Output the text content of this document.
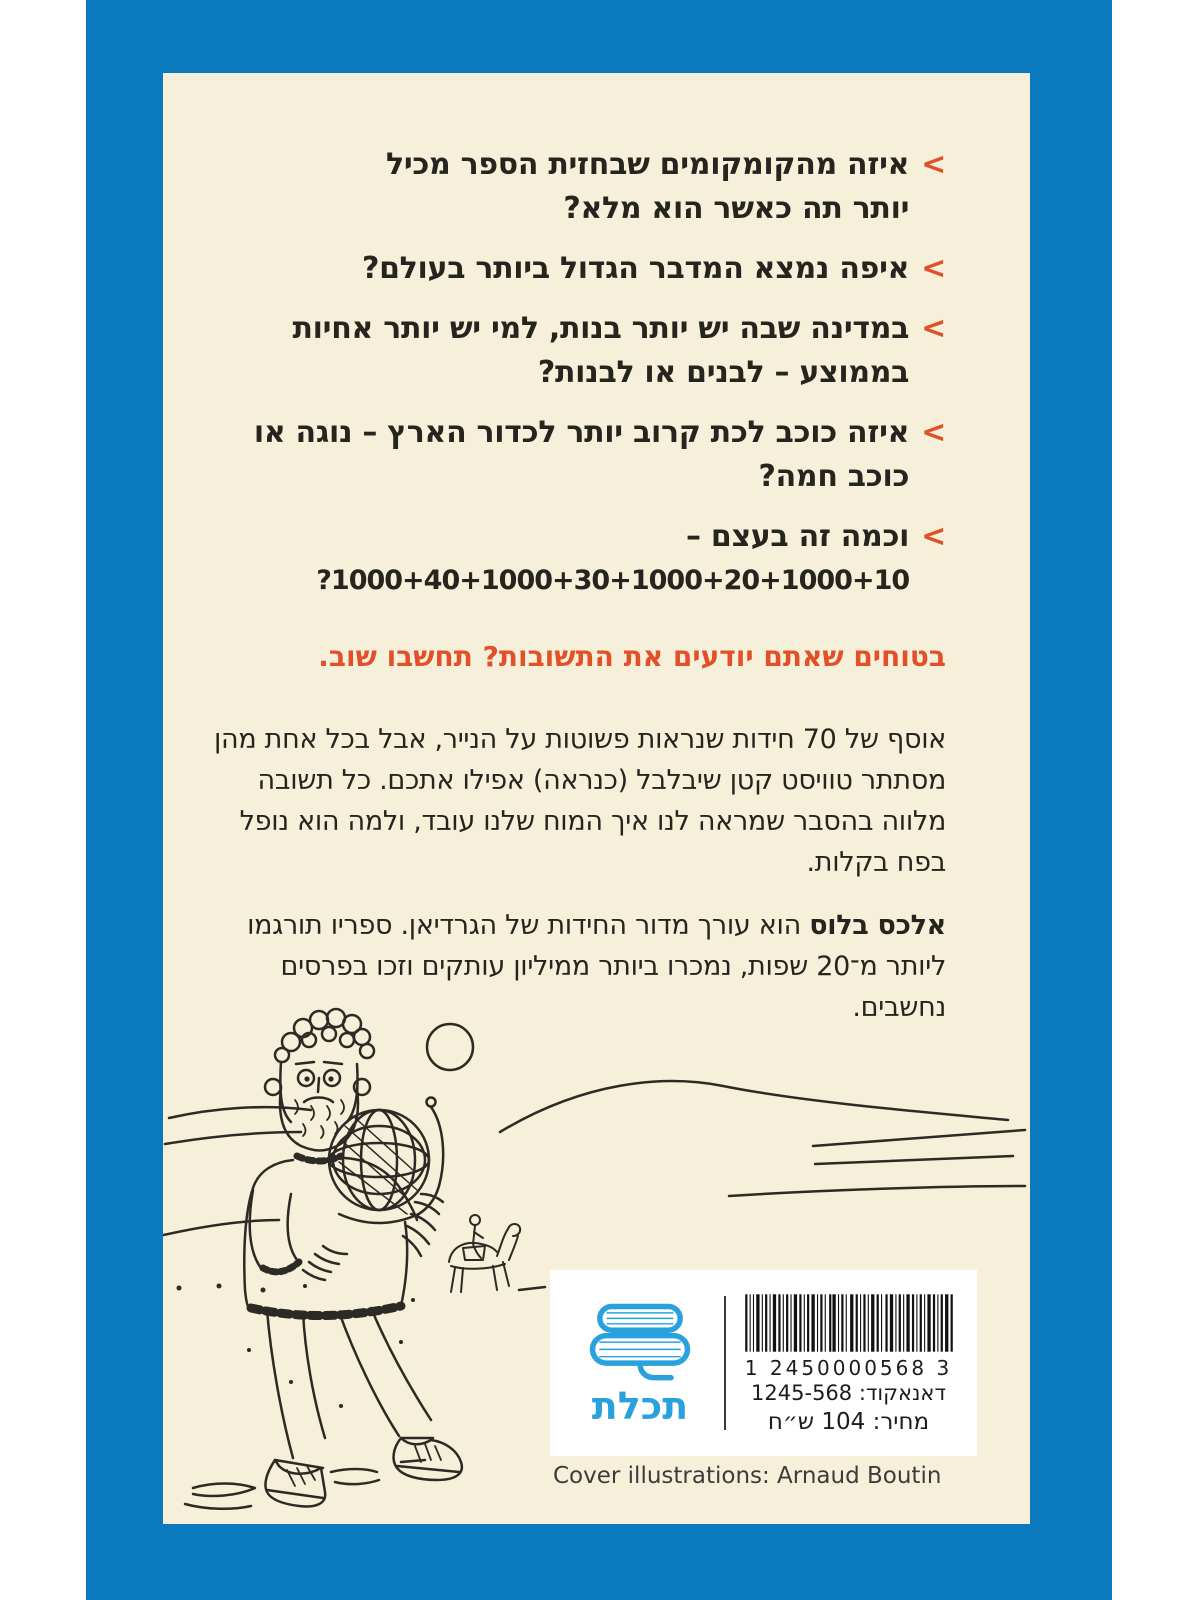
<
איזה מהקומקומים שבחזית הספר מכיל
יותר תה כאשר הוא מלא?
<
איפה נמצא המדבר הגדול ביותר בעולם?
<
במדינה שבה יש יותר בנות, למי יש יותר אחיות
בממוצע – לבנים או לבנות?
<
איזה כוכב לכת קרוב יותר לכדור הארץ – נוגה או
כוכב חמה?
<
וכמה זה בעצם –
1000+40+1000+30+1000+20+1000+10?
בטוחים שאתם יודעים את התשובות? תחשבו שוב.

אוסף של 70 חידות שנראות פשוטות על הנייר, אבל בכל אחת מהן מסתתר טוויסט קטן שיבלבל (כנראה) אפילו אתכם. כל תשובה מלווה בהסבר שמראה לנו איך המוח שלנו עובד, ולמה הוא נופל בפח בקלות.

אלכס בלוס הוא עורך מדור החידות של הגרדיאן. ספריו תורגמו ליותר מ־20 שפות, נמכרו ביותר ממיליון עותקים וזכו בפרסים נחשבים.

תכלת
1 2450000568 3
דאנאקוד: 1245-568
מחיר: 104 ש״ח
Cover illustrations: Arnaud Boutin
